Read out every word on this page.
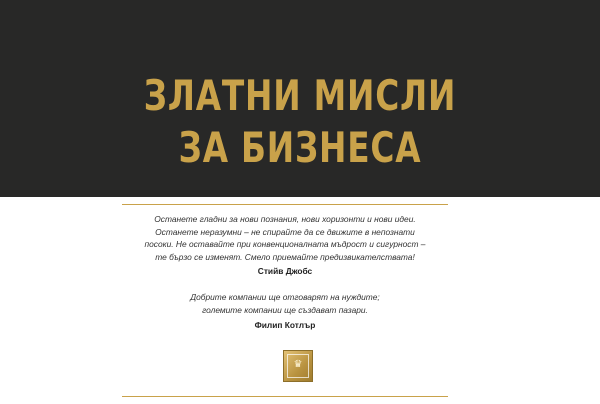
ЗЛАТНИ МИСЛИ
ЗА БИЗНЕСА
Останете гладни за нови познания, нови хоризонти и нови идеи.
Останете неразумни – не спирайте да се движите в непознати
посоки. Не оставайте при конвенционалната мъдрост и сигурност –
те бързо се изменят. Смело приемайте предизвикателствата!
Стийв Джобс
Добрите компании ще отговарят на нуждите;
големите компании ще създават пазари.
Филип Котлър
♛
